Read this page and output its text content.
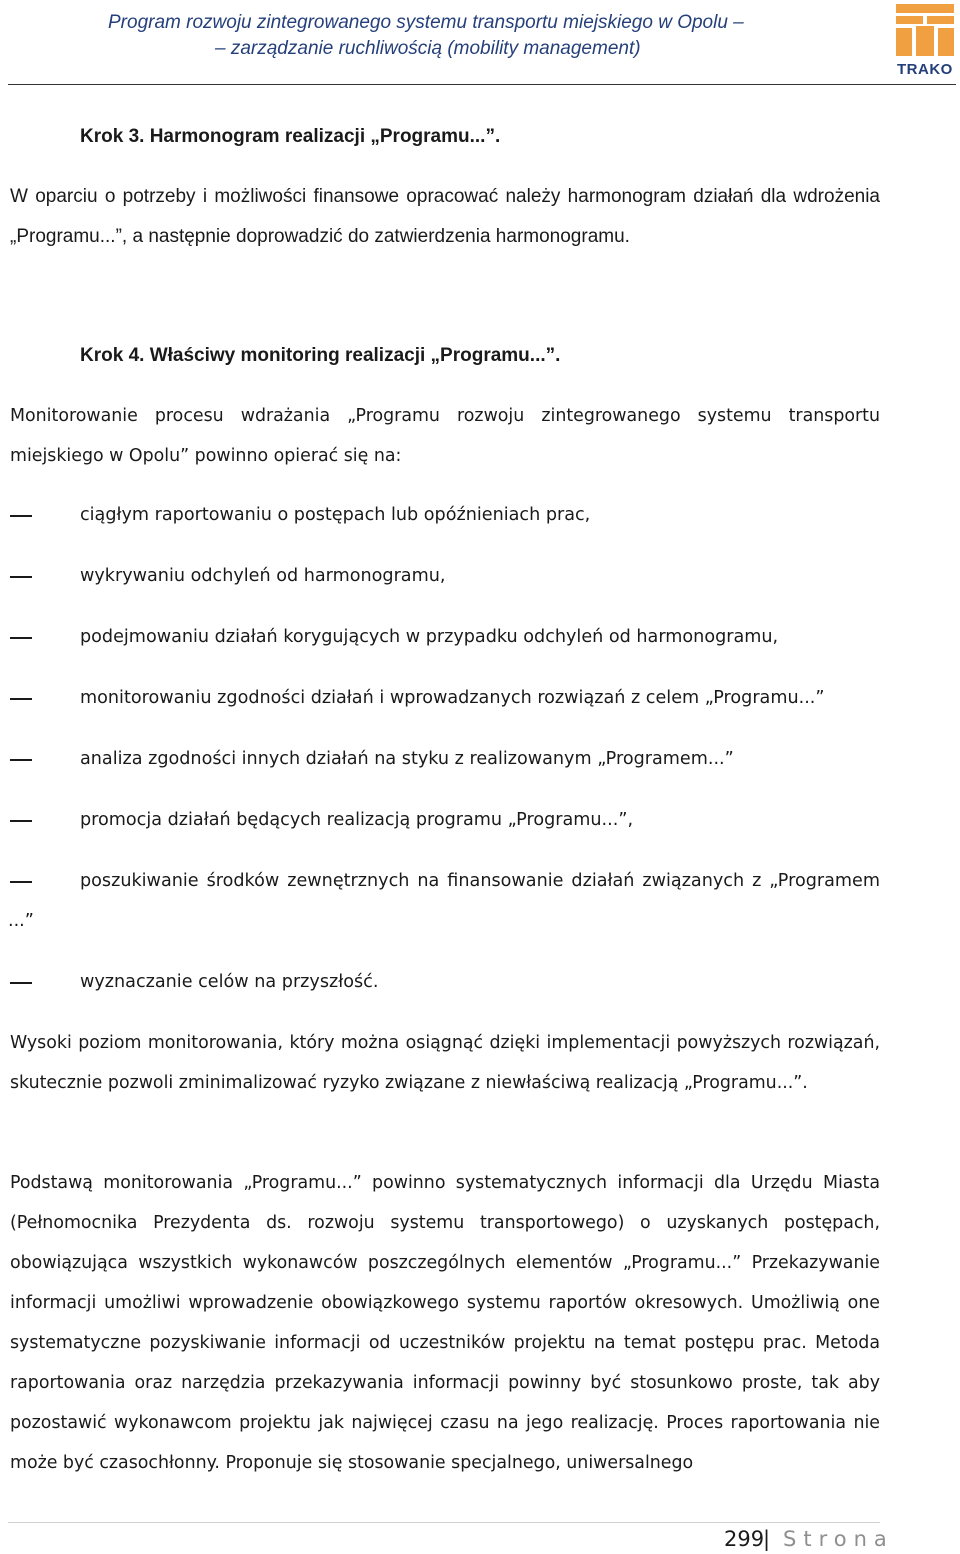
Program rozwoju zintegrowanego systemu transportu miejskiego w Opolu –
– zarządzanie ruchliwością (mobility management)
TRAKO
Krok 3. Harmonogram realizacji „Programu...”.
W oparciu o potrzeby i możliwości finansowe opracować należy harmonogram działań dla wdrożenia „Programu...”, a następnie doprowadzić do zatwierdzenia harmonogramu.
Krok 4. Właściwy monitoring realizacji „Programu...”.
Monitorowanie procesu wdrażania „Programu rozwoju zintegrowanego systemu transportu miejskiego w Opolu” powinno opierać się na:
ciągłym raportowaniu o postępach lub opóźnieniach prac,
wykrywaniu odchyleń od harmonogramu,
podejmowaniu działań korygujących w przypadku odchyleń od harmonogramu,
monitorowaniu zgodności działań i wprowadzanych rozwiązań z celem „Programu...”
analiza zgodności innych działań na styku z realizowanym „Programem...”
promocja działań będących realizacją programu „Programu...”,
poszukiwanie środków zewnętrznych na finansowanie działań związanych z „Programem
...”
wyznaczanie celów na przyszłość.
Wysoki poziom monitorowania, który można osiągnąć dzięki implementacji powyższych rozwiązań, skutecznie pozwoli zminimalizować ryzyko związane z niewłaściwą realizacją „Programu...”.
Podstawą monitorowania „Programu...” powinno systematycznych informacji dla Urzędu Miasta (Pełnomocnika Prezydenta ds. rozwoju systemu transportowego) o uzyskanych postępach, obowiązująca wszystkich wykonawców poszczególnych elementów „Programu...” Przekazywanie informacji umożliwi wprowadzenie obowiązkowego systemu raportów okresowych. Umożliwią one systematyczne pozyskiwanie informacji od uczestników projektu na temat postępu prac. Metoda raportowania oraz narzędzia przekazywania informacji powinny być stosunkowo proste, tak aby pozostawić wykonawcom projektu jak najwięcej czasu na jego realizację. Proces raportowania nie może być czasochłonny. Proponuje się stosowanie specjalnego, uniwersalnego
299
| Strona
